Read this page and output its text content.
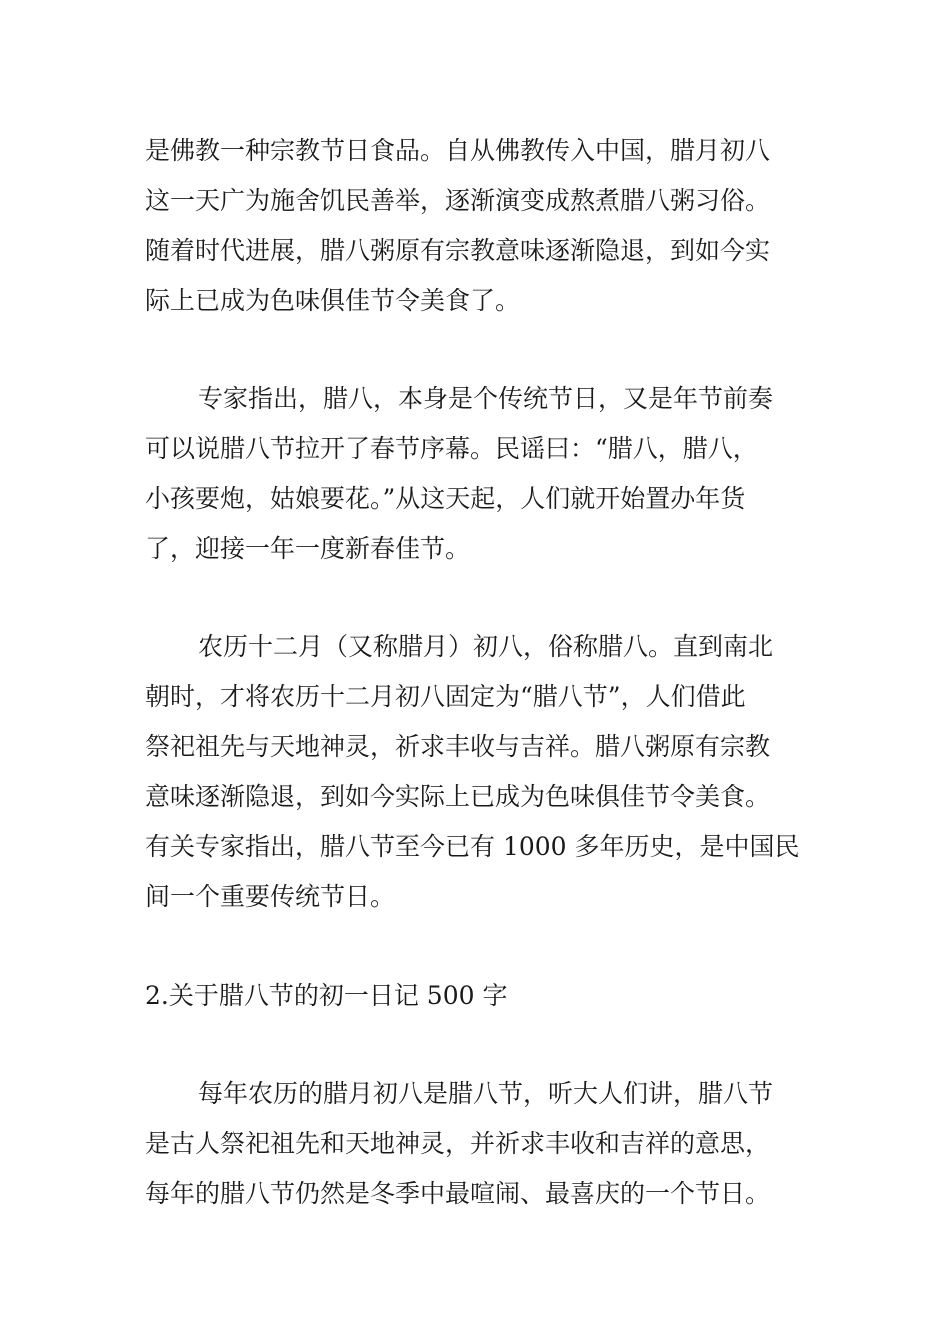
是佛教一种宗教节日食品。自从佛教传入中国，腊月初八
这一天广为施舍饥民善举，逐渐演变成熬煮腊八粥习俗。
随着时代进展，腊八粥原有宗教意味逐渐隐退，到如今实
际上已成为色味俱佳节令美食了。
专家指出，腊八，本身是个传统节日，又是年节前奏
可以说腊八节拉开了春节序幕。民谣曰：“腊八，腊八，
小孩要炮，姑娘要花。”从这天起，人们就开始置办年货
了，迎接一年一度新春佳节。
农历十二月（又称腊月）初八，俗称腊八。直到南北
朝时，才将农历十二月初八固定为“腊八节”，人们借此
祭祀祖先与天地神灵，祈求丰收与吉祥。腊八粥原有宗教
意味逐渐隐退，到如今实际上已成为色味俱佳节令美食。
有关专家指出，腊八节至今已有 1000 多年历史，是中国民
间一个重要传统节日。
2.关于腊八节的初一日记 500 字
每年农历的腊月初八是腊八节，听大人们讲，腊八节
是古人祭祀祖先和天地神灵，并祈求丰收和吉祥的意思，
每年的腊八节仍然是冬季中最喧闹、最喜庆的一个节日。
